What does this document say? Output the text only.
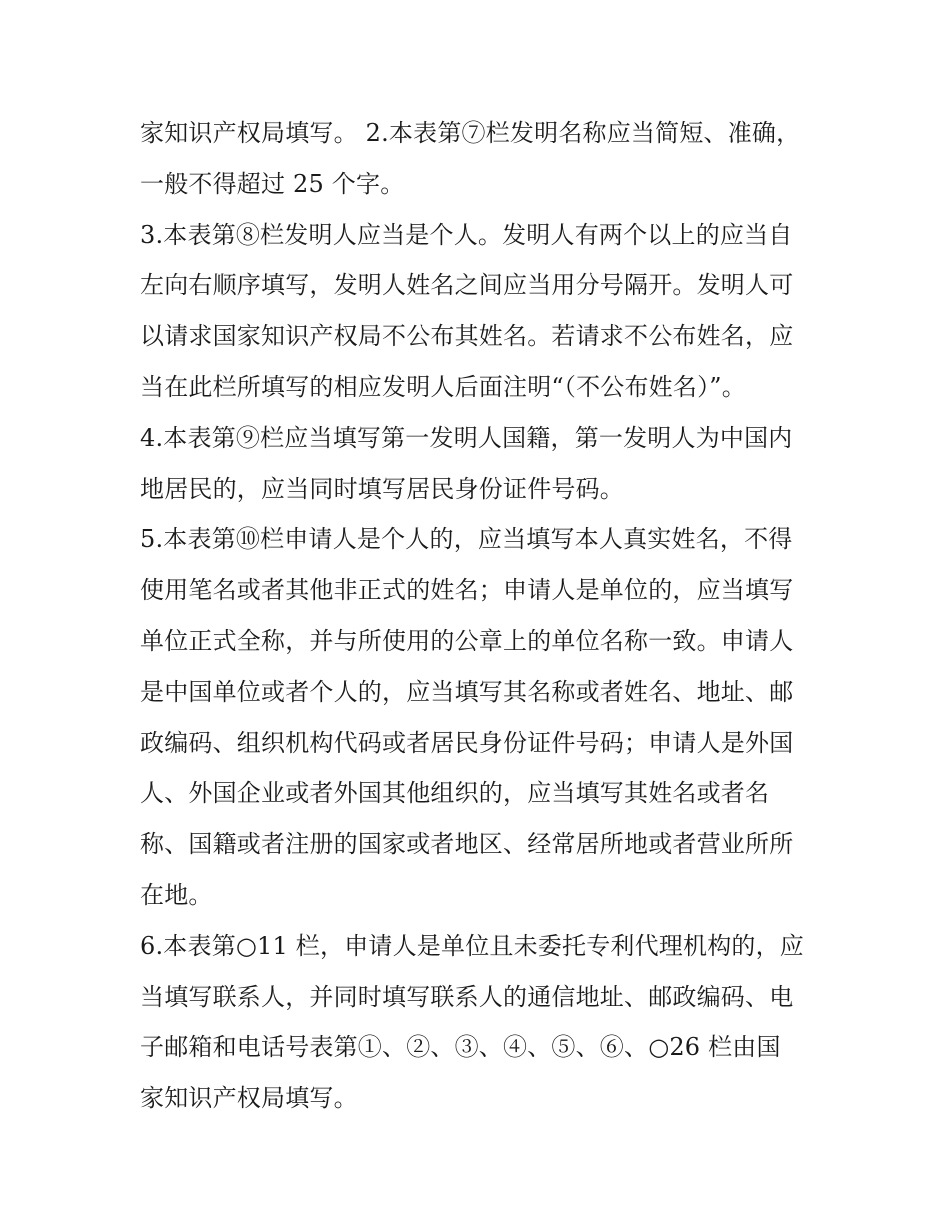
家知识产权局填写。 2.本表第⑦栏发明名称应当简短、准确，
一般不得超过 25 个字。
3.本表第⑧栏发明人应当是个人。发明人有两个以上的应当自
左向右顺序填写，发明人姓名之间应当用分号隔开。发明人可
以请求国家知识产权局不公布其姓名。若请求不公布姓名，应
当在此栏所填写的相应发明人后面注明“（不公布姓名）”。
4.本表第⑨栏应当填写第一发明人国籍，第一发明人为中国内
地居民的，应当同时填写居民身份证件号码。
5.本表第⑩栏申请人是个人的，应当填写本人真实姓名，不得
使用笔名或者其他非正式的姓名；申请人是单位的，应当填写
单位正式全称，并与所使用的公章上的单位名称一致。申请人
是中国单位或者个人的，应当填写其名称或者姓名、地址、邮
政编码、组织机构代码或者居民身份证件号码；申请人是外国
人、外国企业或者外国其他组织的，应当填写其姓名或者名
称、国籍或者注册的国家或者地区、经常居所地或者营业所所
在地。
6.本表第○11 栏，申请人是单位且未委托专利代理机构的，应
当填写联系人，并同时填写联系人的通信地址、邮政编码、电
子邮箱和电话号表第①、②、③、④、⑤、⑥、○26 栏由国
家知识产权局填写。
